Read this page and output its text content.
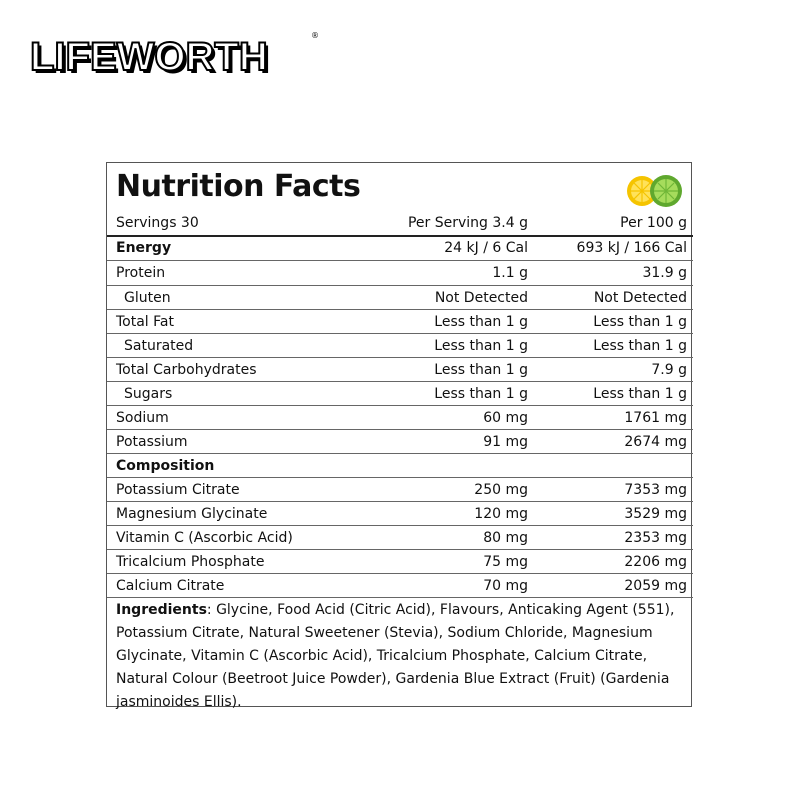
LIFEWORTH	®
Nutrition Facts
Servings 30	Per Serving 3.4 g	Per 100 g
Energy	24 kJ / 6 Cal	693 kJ / 166 Cal
Protein	1.1 g	31.9 g
Gluten	Not Detected	Not Detected
Total Fat	Less than 1 g	Less than 1 g
Saturated	Less than 1 g	Less than 1 g
Total Carbohydrates	Less than 1 g	7.9 g
Sugars	Less than 1 g	Less than 1 g
Sodium	60 mg	1761 mg
Potassium	91 mg	2674 mg
Composition
Potassium Citrate	250 mg	7353 mg
Magnesium Glycinate	120 mg	3529 mg
Vitamin C (Ascorbic Acid)	80 mg	2353 mg
Tricalcium Phosphate	75 mg	2206 mg
Calcium Citrate	70 mg	2059 mg
Ingredients: Glycine, Food Acid (Citric Acid), Flavours, Anticaking Agent (551), Potassium Citrate, Natural Sweetener (Stevia), Sodium Chloride, Magnesium Glycinate, Vitamin C (Ascorbic Acid), Tricalcium Phosphate, Calcium Citrate, Natural Colour (Beetroot Juice Powder), Gardenia Blue Extract (Fruit) (Gardenia jasminoides Ellis).
